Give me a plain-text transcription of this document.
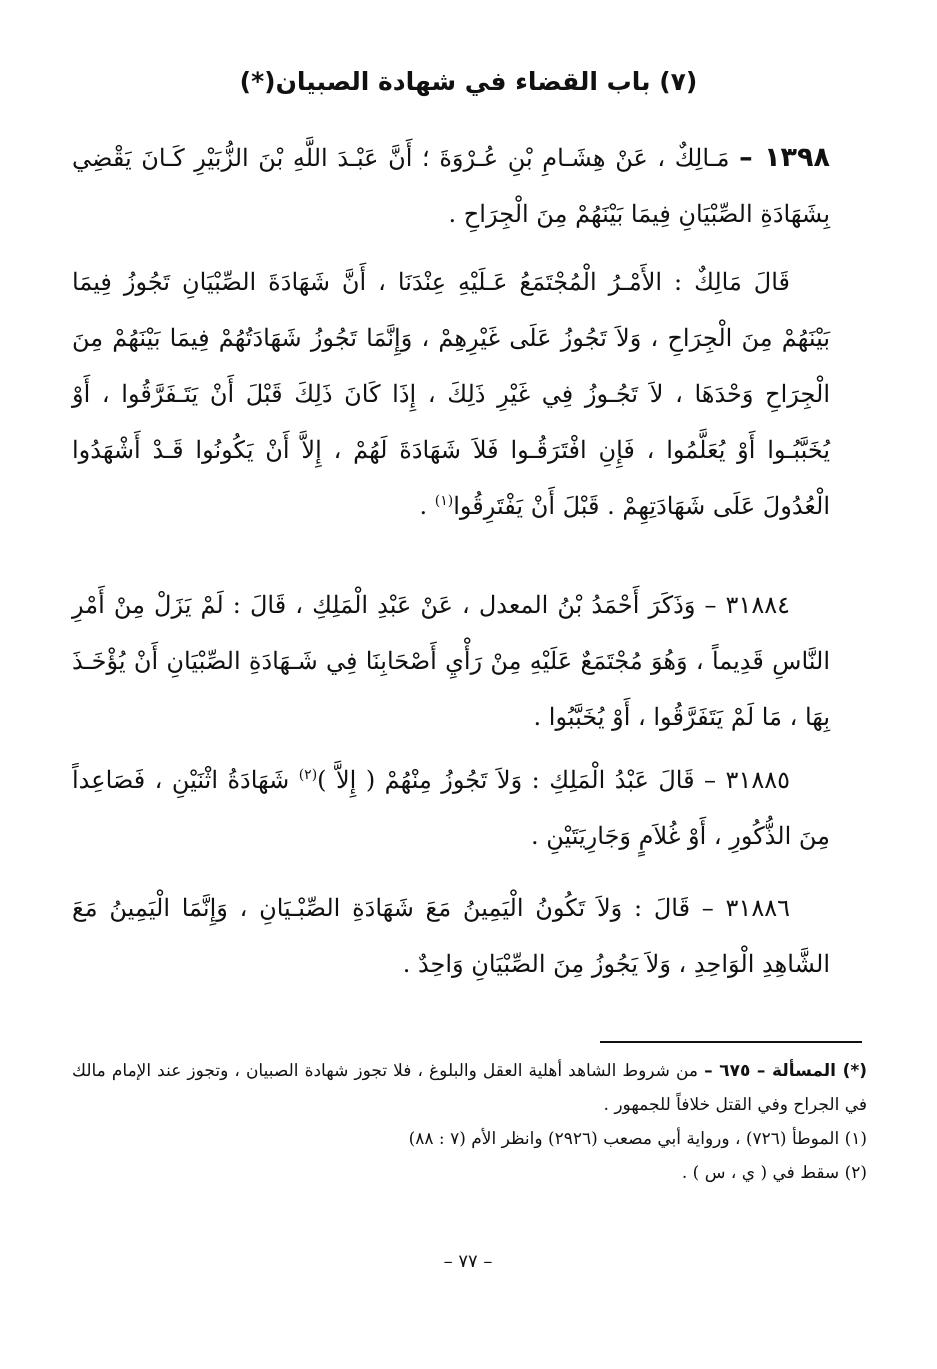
(٧) باب القضاء في شهادة الصبيان(*)
١٣٩٨ – مَـالِكٌ ، عَنْ هِشَـامِ بْنِ عُـرْوَةَ ؛ أَنَّ عَبْـدَ اللَّهِ بْنَ الزُّبَيْرِ كَـانَ يَقْضِي بِشَهَادَةِ الصِّبْيَانِ فِيمَا بَيْنَهُمْ مِنَ الْجِرَاحِ .
قَالَ مَالِكٌ : الأَمْـرُ الْمُجْتَمَعُ عَـلَيْهِ عِنْدَنَا ، أَنَّ شَهَادَةَ الصِّبْيَانِ تَجُوزُ فِيمَا بَيْنَهُمْ مِنَ الْجِرَاحِ ، وَلاَ تَجُوزُ عَلَى غَيْرِهِمْ ، وَإِنَّمَا تَجُوزُ شَهَادَتُهُمْ فِيمَا بَيْنَهُمْ مِنَ الْجِرَاحِ وَحْدَهَا ، لاَ تَجُـوزُ فِي غَيْرِ ذَلِكَ ، إِذَا كَانَ ذَلِكَ قَبْلَ أَنْ يَتَـفَرَّقُوا ، أَوْ يُخَبَّبُـوا أَوْ يُعَلَّمُوا ، فَإِنِ افْتَرَقُـوا فَلاَ شَهَادَةَ لَهُمْ ، إِلاَّ أَنْ يَكُونُوا قَـدْ أَشْهَدُوا الْعُدُولَ عَلَى شَهَادَتِهِمْ . قَبْلَ أَنْ يَفْتَرِقُوا$^{(١)}$ .
٣١٨٨٤ – وَذَكَرَ أَحْمَدُ بْنُ المعدل ، عَنْ عَبْدِ الْمَلِكِ ، قَالَ : لَمْ يَزَلْ مِنْ أَمْرِ النَّاسِ قَدِيماً ، وَهُوَ مُجْتَمَعٌ عَلَيْهِ مِنْ رَأْيِ أَصْحَابِنَا فِي شَـهَادَةِ الصِّبْيَانِ أَنْ يُؤْخَـذَ بِهَا ، مَا لَمْ يَتَفَرَّقُوا ، أَوْ يُخَبَّبُوا .
٣١٨٨٥ – قَالَ عَبْدُ الْمَلِكِ : وَلاَ تَجُوزُ مِنْهُمْ ( إِلاَّ )$^{(٢)}$ شَهَادَةُ اثْنَيْنِ ، فَصَاعِداً مِنَ الذُّكُورِ ، أَوْ غُلاَمٍ وَجَارِيَتَيْنِ .
٣١٨٨٦ – قَالَ : وَلاَ تَكُونُ الْيَمِينُ مَعَ شَهَادَةِ الصِّبْـيَانِ ، وَإِنَّمَا الْيَمِينُ مَعَ الشَّاهِدِ الْوَاحِدِ ، وَلاَ يَجُوزُ مِنَ الصِّبْيَانِ وَاحِدٌ .

(*) المسألة – ٦٧٥ – من شروط الشاهد أهلية العقل والبلوغ ، فلا تجوز شهادة الصبيان ، وتجوز عند الإمام مالك في الجراح وفي القتل خلافاً للجمهور .

(١) الموطأ (٧٢٦) ، ورواية أبي مصعب (٢٩٢٦) وانظر الأم (٧ : ٨٨)

(٢) سقط في ( ي ، س ) .

– ٧٧ –
